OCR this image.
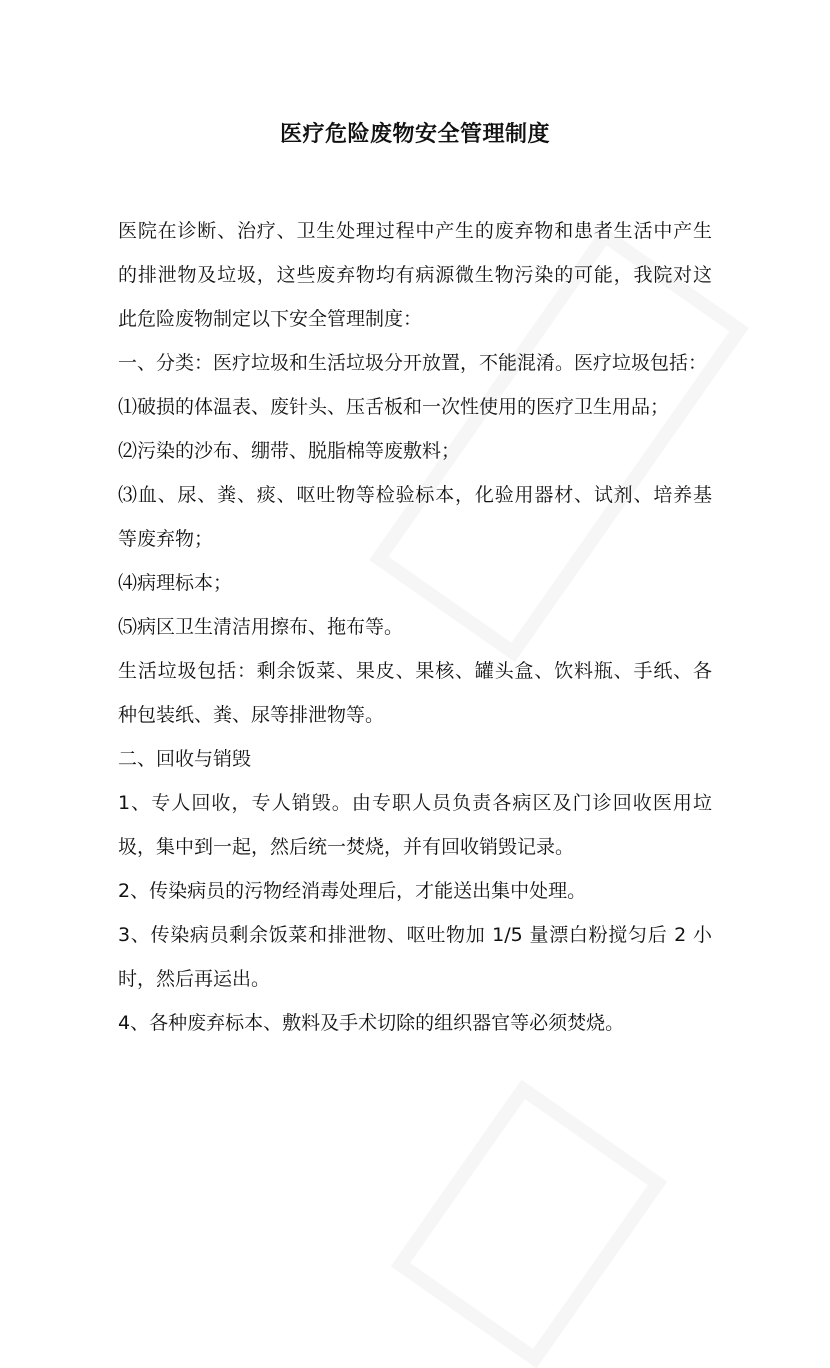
医疗危险废物安全管理制度
医院在诊断、治疗、卫生处理过程中产生的废弃物和患者生活中产生
的排泄物及垃圾，这些废弃物均有病源微生物污染的可能，我院对这
此危险废物制定以下安全管理制度：
一、分类：医疗垃圾和生活垃圾分开放置，不能混淆。医疗垃圾包括：
⑴破损的体温表、废针头、压舌板和一次性使用的医疗卫生用品；
⑵污染的沙布、绷带、脱脂棉等废敷料；
⑶血、尿、粪、痰、呕吐物等检验标本，化验用器材、试剂、培养基
等废弃物；
⑷病理标本；
⑸病区卫生清洁用擦布、拖布等。
生活垃圾包括：剩余饭菜、果皮、果核、罐头盒、饮料瓶、手纸、各
种包装纸、粪、尿等排泄物等。
二、回收与销毁
1、专人回收，专人销毁。由专职人员负责各病区及门诊回收医用垃
圾，集中到一起，然后统一焚烧，并有回收销毁记录。
2、传染病员的污物经消毒处理后，才能送出集中处理。
3、传染病员剩余饭菜和排泄物、呕吐物加 1/5 量漂白粉搅匀后 2 小
时，然后再运出。
4、各种废弃标本、敷料及手术切除的组织器官等必须焚烧。
